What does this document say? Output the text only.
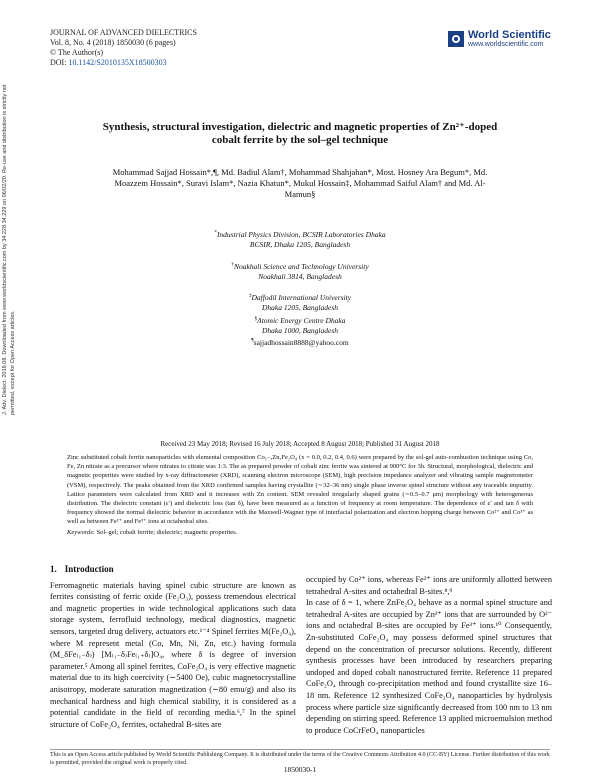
JOURNAL OF ADVANCED DIELECTRICS
Vol. 8, No. 4 (2018) 1850030 (6 pages)
© The Author(s)
DOI: 10.1142/S2010135X18500303
World Scientific
www.worldscientific.com
Synthesis, structural investigation, dielectric and magnetic properties of Zn²⁺-doped cobalt ferrite by the sol–gel technique
Mohammad Sajjad Hossain*,¶, Md. Badiul Alam†, Mohammad Shahjahan*, Most. Hosney Ara Begum*, Md. Moazzem Hossain*, Suravi Islam*, Nazia Khatun*, Mukul Hossain‡, Mohammad Saiful Alam† and Md. Al-Mamun§
*Industrial Physics Division, BCSIR Laboratories Dhaka
BCSIR, Dhaka 1205, Bangladesh
†Noakhali Science and Technology University
Noakhali 3814, Bangladesh
‡Daffodil International University
Dhaka 1205, Bangladesh
§Atomic Energy Centre Dhaka
Dhaka 1000, Bangladesh
¶sajjadhossain8888@yahoo.com
Received 23 May 2018; Revised 16 July 2018; Accepted 8 August 2018; Published 31 August 2018
Zinc substituted cobalt ferrite nanoparticles with elemental composition Co₁₋ₓZnₓFe₂O₄ (x = 0.0, 0.2, 0.4, 0.6) were prepared by the sol-gel auto-combustion technique using Co, Fe, Zn nitrate as a precursor where nitrates to citrate was 1:3. The as prepared powder of cobalt zinc ferrite was sintered at 900°C for 3h. Structural, morphological, dielectric and magnetic properties were studied by x-ray diffractometer (XRD), scanning electron microscope (SEM), high precision impedance analyzer and vibrating sample magnetometer (VSM), respectively. The peaks obtained from the XRD confirmed samples having crystallite (∼32–36 nm) single phase inverse spinel structure without any traceable impurity. Lattice parameters were calculated from XRD and it increases with Zn content. SEM revealed irregularly shaped grains (∼0.5–0.7 μm) morphology with heterogeneous distribution. The dielectric constant (ε′) and dielectric loss (tan δ), have been measured as a function of frequency at room temperature. The dependence of ε′ and tan δ with frequency showed the normal dielectric behavior in accordance with the Maxwell-Wagner type of interfacial polarization and electron hopping charge between Co²⁺ and Co³⁺ as well as between Fe²⁺ and Fe³⁺ ions at octahedral sites.
Keywords: Sol–gel; cobalt ferrite; dielectric; magnetic properties.
J. Adv. Dielect. 2018.08. Downloaded from www.worldscientific.com by 34.228.34.229 on 06/02/20. Re-use and distribution is strictly not permitted, except for Open Access articles.
1. Introduction

Ferromagnetic materials having spinel cubic structure are known as ferrites consisting of ferric oxide (Fe₂O₃), possess tremendous electrical and magnetic properties in wide technological applications such data storage system, ferrofluid technology, medical diagnostics, magnetic sensors, targeted drug delivery, actuators etc.¹⁻⁴ Spinel ferrites M(Fe₂O₄), where M represent metal (Co, Mn, Ni, Zn, etc.) having formula (M_δFe₍₁₋δ₎) [M₍₁₋δ₎Fe₍₁₊δ₎]O₄, where δ is degree of inversion parameter.⁵ Among all spinel ferrites, CoFe₂O₄ is very effective magnetic material due to its high coercivity (∼5400 Oe), cubic magnetocrystalline anisotropy, moderate saturation magnetization (∼80 emu/g) and also its mechanical hardness and high chemical stability, it is considered as a potential candidate in the field of recording media.⁶,⁷ In the spinel structure of CoFe₂O₄ ferrites, octahedral B-sites are

occupied by Co²⁺ ions, whereas Fe²⁺ ions are uniformly allotted between tetrahedral A-sites and octahedral B-sites.⁸,⁹

In case of δ = 1, where ZnFe₂O₄ behave as a normal spinel structure and tetrahedral A-sites are occupied by Zn²⁺ ions that are surrounded by O²⁻ ions and octahedral B-sites are occupied by Fe³⁺ ions.¹⁰ Consequently, Zn-substituted CoFe₂O₄ may possess deformed spinel structures that depend on the concentration of precursor solutions. Recently, different synthesis processes have been introduced by researchers preparing undoped and doped cobalt nanostructured ferrite. Reference 11 prepared CoFe₂O₄ through co-precipitation method and found crystallite size 16–18 nm. Reference 12 synthesized CoFe₂O₄ nanoparticles by hydrolysis process where particle size significantly decreased from 100 nm to 13 nm depending on stirring speed. Reference 13 applied microemulsion method to produce CoCrFeO₄ nanoparticles

This is an Open Access article published by World Scientific Publishing Company. It is distributed under the terms of the Creative Commons Attribution 4.0 (CC-BY) License. Further distribution of this work is permitted, provided the original work is properly cited.
1850030-1
